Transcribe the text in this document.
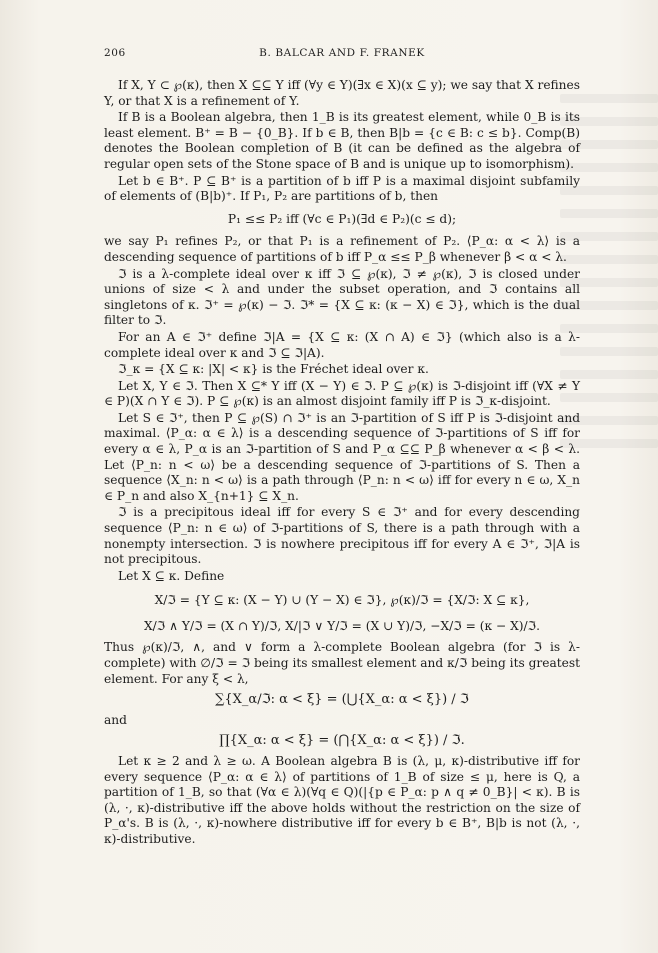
206	B. BALCAR AND F. FRANEK

If X, Y ⊂ ℘(κ), then X ⊆⊆ Y iff (∀y ∈ Y)(∃x ∈ X)(x ⊆ y); we say that X refines Y, or that X is a refinement of Y.

If B is a Boolean algebra, then 1_B is its greatest element, while 0_B is its least element. B⁺ = B − {0_B}. If b ∈ B, then B|b = {c ∈ B: c ≤ b}. Comp(B) denotes the Boolean completion of B (it can be defined as the algebra of regular open sets of the Stone space of B and is unique up to isomorphism).

Let b ∈ B⁺. P ⊆ B⁺ is a partition of b iff P is a maximal disjoint subfamily of elements of (B|b)⁺. If P₁, P₂ are partitions of b, then

P₁ ≤≤ P₂ iff (∀c ∈ P₁)(∃d ∈ P₂)(c ≤ d);

we say P₁ refines P₂, or that P₁ is a refinement of P₂. ⟨P_α: α < λ⟩ is a descending sequence of partitions of b iff P_α ≤≤ P_β whenever β < α < λ.

ℑ is a λ-complete ideal over κ iff ℑ ⊆ ℘(κ), ℑ ≠ ℘(κ), ℑ is closed under unions of size < λ and under the subset operation, and ℑ contains all singletons of κ. ℑ⁺ = ℘(κ) − ℑ. ℑ* = {X ⊆ κ: (κ − X) ∈ ℑ}, which is the dual filter to ℑ.

For an A ∈ ℑ⁺ define ℑ|A = {X ⊆ κ: (X ∩ A) ∈ ℑ} (which also is a λ-complete ideal over κ and ℑ ⊆ ℑ|A).

ℑ_κ = {X ⊆ κ: |X| < κ} is the Fréchet ideal over κ.

Let X, Y ∈ ℑ. Then X ⊆* Y iff (X − Y) ∈ ℑ. P ⊆ ℘(κ) is ℑ-disjoint iff (∀X ≠ Y ∈ P)(X ∩ Y ∈ ℑ). P ⊆ ℘(κ) is an almost disjoint family iff P is ℑ_κ-disjoint.

Let S ∈ ℑ⁺, then P ⊆ ℘(S) ∩ ℑ⁺ is an ℑ-partition of S iff P is ℑ-disjoint and maximal. ⟨P_α: α ∈ λ⟩ is a descending sequence of ℑ-partitions of S iff for every α ∈ λ, P_α is an ℑ-partition of S and P_α ⊆⊆ P_β whenever α < β < λ. Let ⟨P_n: n < ω⟩ be a descending sequence of ℑ-partitions of S. Then a sequence ⟨X_n: n < ω⟩ is a path through ⟨P_n: n < ω⟩ iff for every n ∈ ω, X_n ∈ P_n and also X_{n+1} ⊆ X_n.

ℑ is a precipitous ideal iff for every S ∈ ℑ⁺ and for every descending sequence ⟨P_n: n ∈ ω⟩ of ℑ-partitions of S, there is a path through with a nonempty intersection. ℑ is nowhere precipitous iff for every A ∈ ℑ⁺, ℑ|A is not precipitous.

Let X ⊆ κ. Define

X/ℑ = {Y ⊆ κ: (X − Y) ∪ (Y − X) ∈ ℑ}, ℘(κ)/ℑ = {X/ℑ: X ⊆ κ},
X/ℑ ∧ Y/ℑ = (X ∩ Y)/ℑ, X/|ℑ ∨ Y/ℑ = (X ∪ Y)/ℑ, −X/ℑ = (κ − X)/ℑ.

Thus ℘(κ)/ℑ, ∧, and ∨ form a λ-complete Boolean algebra (for ℑ is λ-complete) with ∅/ℑ = ℑ being its smallest element and κ/ℑ being its greatest element. For any ξ < λ,

∑{X_α/ℑ: α < ξ} = (⋃{X_α: α < ξ}) / ℑ

and

∏{X_α: α < ξ} = (⋂{X_α: α < ξ}) / ℑ.

Let κ ≥ 2 and λ ≥ ω. A Boolean algebra B is (λ, μ, κ)-distributive iff for every sequence ⟨P_α: α ∈ λ⟩ of partitions of 1_B of size ≤ μ, here is Q, a partition of 1_B, so that (∀α ∈ λ)(∀q ∈ Q)(|{p ∈ P_α: p ∧ q ≠ 0_B}| < κ). B is (λ, ·, κ)-distributive iff the above holds without the restriction on the size of P_α's. B is (λ, ·, κ)-nowhere distributive iff for every b ∈ B⁺, B|b is not (λ, ·, κ)-distributive.
